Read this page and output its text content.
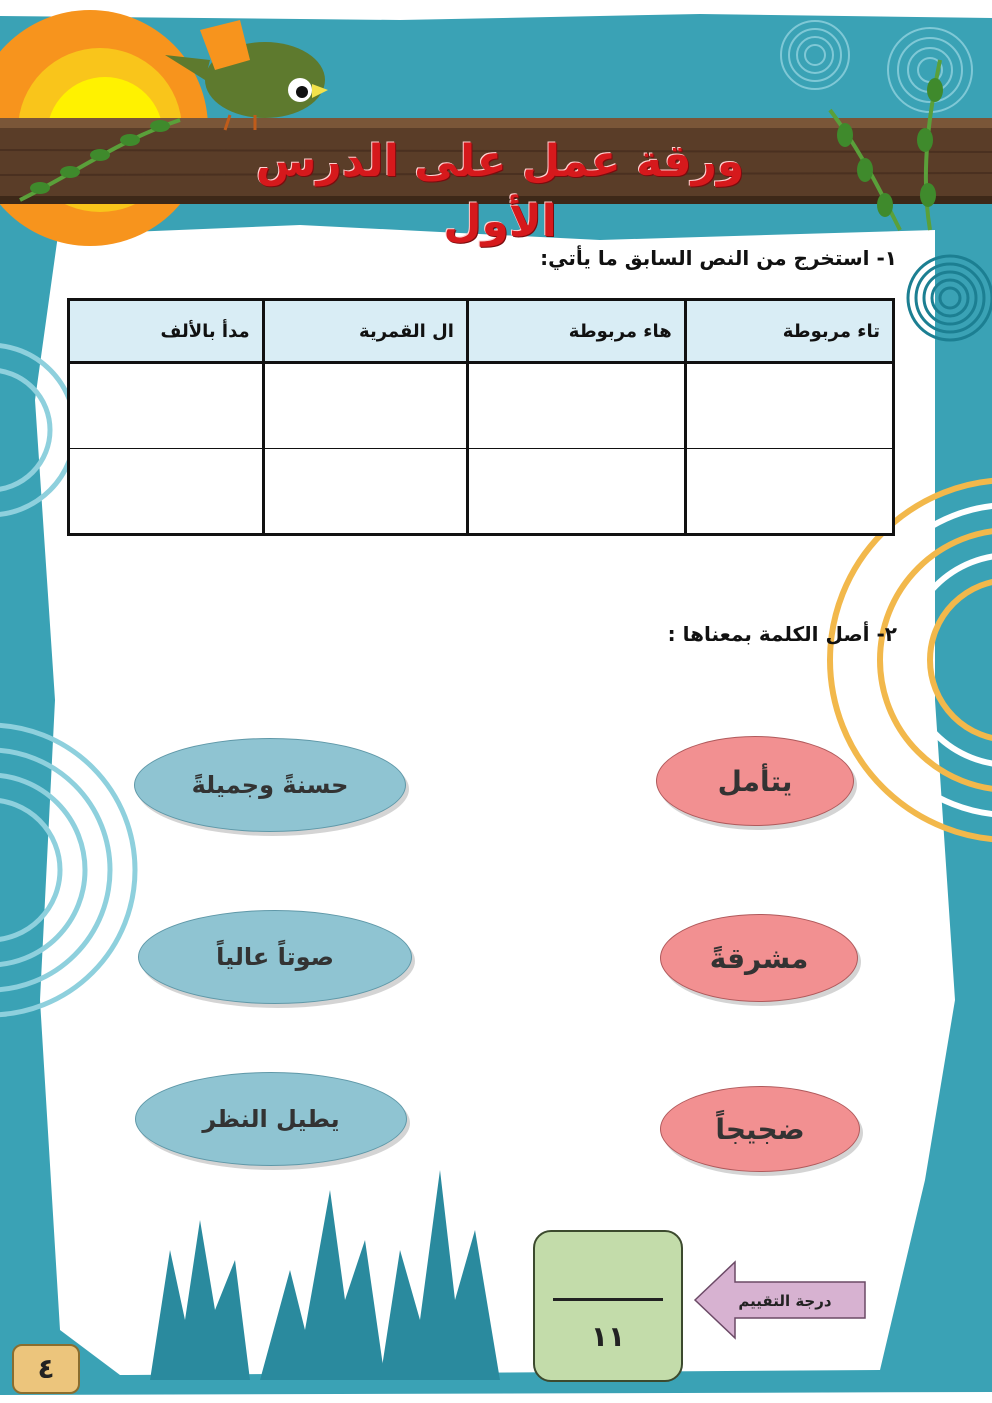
ورقة عمل على الدرس الأول
١- استخرج من النص السابق ما يأتي:
تاء مربوطة	هاء مربوطة	ال القمرية	مدأ بالألف

٢- أصل الكلمة بمعناها :
يتأمل
مشرقةً
ضجيجاً
حسنةً وجميلةً
صوتاً عالياً
يطيل النظر
١١
درجة التقييم
٤
